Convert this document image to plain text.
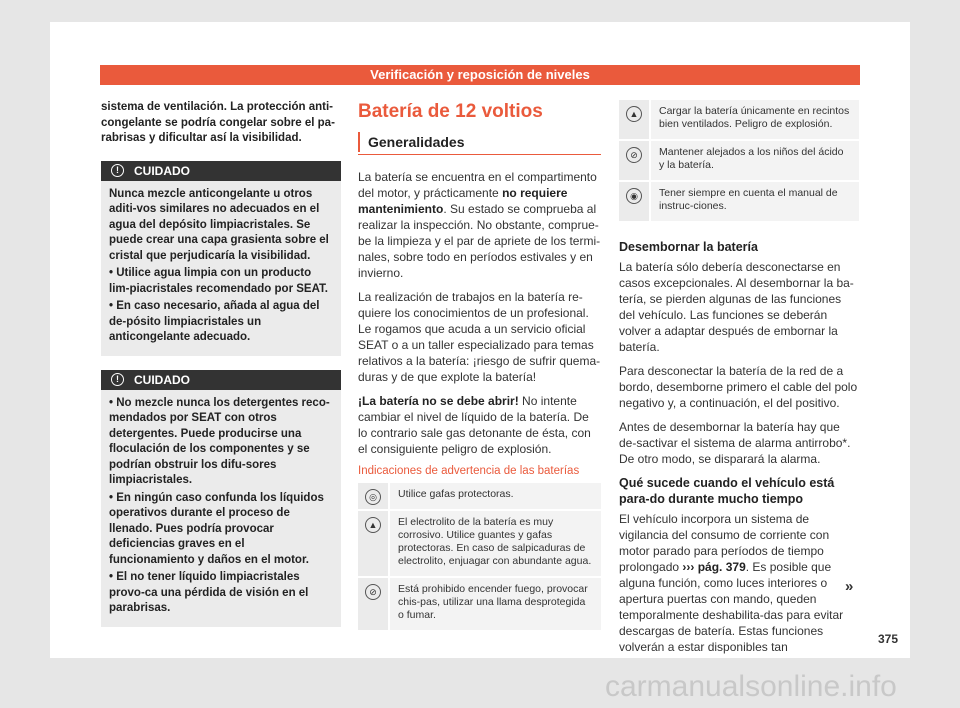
Verificación y reposición de niveles

sistema de ventilación. La protección anti-congelante se podría congelar sobre el pa-rabrisas y dificultar así la visibilidad.

! CUIDADO

Nunca mezcle anticongelante u otros aditi-vos similares no adecuados en el agua del depósito limpiacristales. Se puede crear una capa grasienta sobre el cristal que perjudicaría la visibilidad.

• Utilice agua limpia con un producto lim-piacristales recomendado por SEAT.

• En caso necesario, añada al agua del de-pósito limpiacristales un anticongelante adecuado.

! CUIDADO

• No mezcle nunca los detergentes reco-mendados por SEAT con otros detergentes. Puede producirse una floculación de los componentes y se podrían obstruir los difu-sores limpiacristales.

• En ningún caso confunda los líquidos operativos durante el proceso de llenado. Pues podría provocar deficiencias graves en el funcionamiento y daños en el motor.

• El no tener líquido limpiacristales provo-ca una pérdida de visión en el parabrisas.

Batería de 12 voltios
Generalidades

La batería se encuentra en el compartimento del motor, y prácticamente no requiere mantenimiento. Su estado se comprueba al realizar la inspección. No obstante, comprue-be la limpieza y el par de apriete de los termi-nales, sobre todo en períodos estivales y en invierno.

La realización de trabajos en la batería re-quiere los conocimientos de un profesional. Le rogamos que acuda a un servicio oficial SEAT o a un taller especializado para temas relativos a la batería: ¡riesgo de sufrir quema-duras y de que explote la batería!

¡La batería no se debe abrir! No intente cambiar el nivel de líquido de la batería. De lo contrario sale gas detonante de ésta, con el consiguiente peligro de explosión.

Indicaciones de advertencia de las baterías
◎	Utilice gafas protectoras.
▲	El electrolito de la batería es muy corrosivo. Utilice guantes y gafas protectoras. En caso de salpicaduras de electrolito, enjuagar con abundante agua.
⊘	Está prohibido encender fuego, provocar chis-pas, utilizar una llama desprotegida o fumar.
▲	Cargar la batería únicamente en recintos bien ventilados. Peligro de explosión.
⊘	Mantener alejados a los niños del ácido y la batería.
◉	Tener siempre en cuenta el manual de instruc-ciones.
Desembornar la batería

La batería sólo debería desconectarse en casos excepcionales. Al desembornar la ba-tería, se pierden algunas de las funciones del vehículo. Las funciones se deberán volver a adaptar después de embornar la batería.

Para desconectar la batería de la red de a bordo, desemborne primero el cable del polo negativo y, a continuación, el del positivo.

Antes de desembornar la batería hay que de-sactivar el sistema de alarma antirrobo*. De otro modo, se disparará la alarma.

Qué sucede cuando el vehículo está para-do durante mucho tiempo

El vehículo incorpora un sistema de vigilancia del consumo de corriente con motor parado para períodos de tiempo prolongado ››› pág. 379. Es posible que alguna función, como luces interiores o apertura puertas con mando, queden temporalmente deshabilita-das para evitar descargas de batería. Estas funciones volverán a estar disponibles tan

»
375
carmanualsonline.info
